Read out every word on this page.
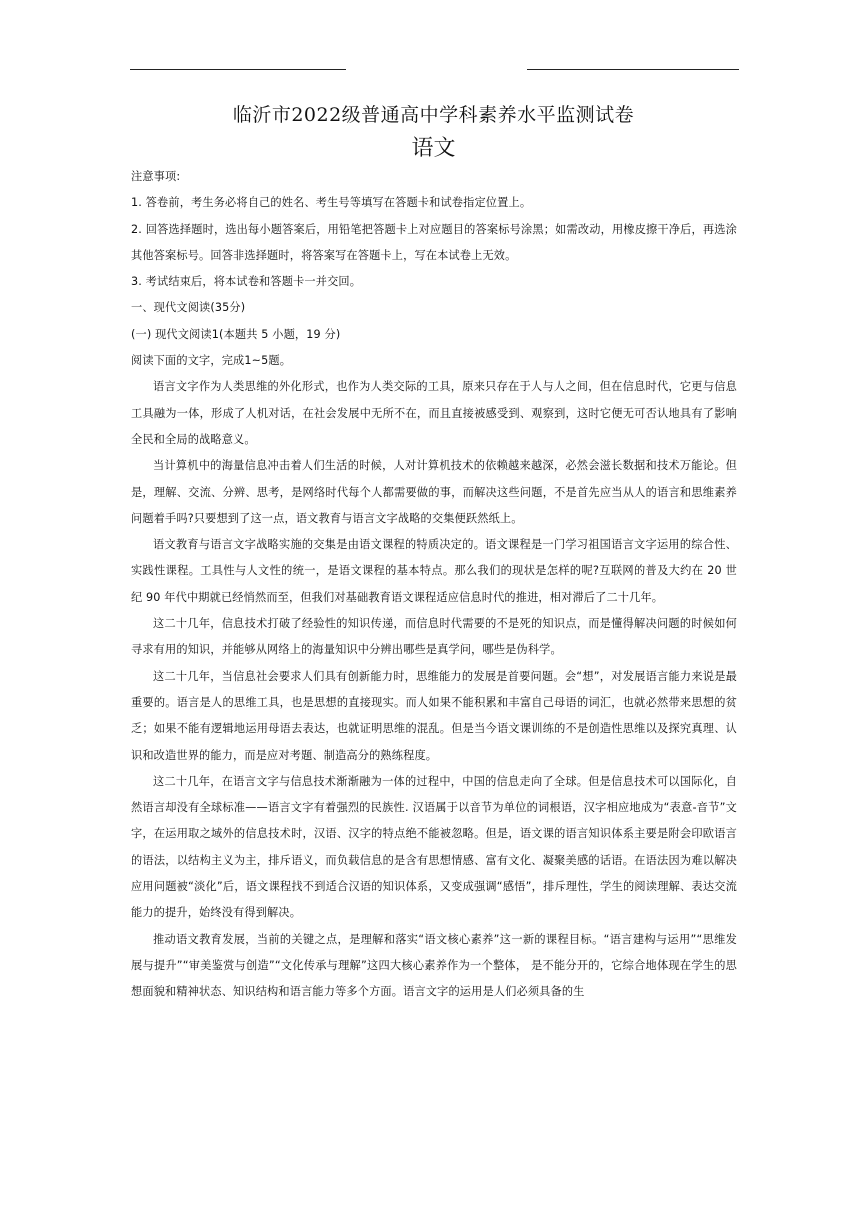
临沂市2022级普通高中学科素养水平监测试卷
语文

注意事项:

1. 答卷前，考生务必将自己的姓名、考生号等填写在答题卡和试卷指定位置上。

2. 回答选择题时，选出每小题答案后，用铅笔把答题卡上对应题目的答案标号涂黑；如需改动，用橡皮擦干净后，再选涂其他答案标号。回答非选择题时，将答案写在答题卡上，写在本试卷上无效。

3. 考试结束后，将本试卷和答题卡一并交回。

一、现代文阅读(35分)

(一) 现代文阅读1(本题共 5 小题，19 分)

阅读下面的文字，完成1~5题。

语言文字作为人类思维的外化形式，也作为人类交际的工具，原来只存在于人与人之间，但在信息时代，它更与信息工具融为一体，形成了人机对话，在社会发展中无所不在，而且直接被感受到、观察到，这时它便无可否认地具有了影响全民和全局的战略意义。

当计算机中的海量信息冲击着人们生活的时候，人对计算机技术的依赖越来越深，必然会滋长数据和技术万能论。但是，理解、交流、分辨、思考，是网络时代每个人都需要做的事，而解决这些问题，不是首先应当从人的语言和思维素养问题着手吗?只要想到了这一点，语文教育与语言文字战略的交集便跃然纸上。

语文教育与语言文字战略实施的交集是由语文课程的特质决定的。语文课程是一门学习祖国语言文字运用的综合性、实践性课程。工具性与人文性的统一，是语文课程的基本特点。那么我们的现状是怎样的呢?互联网的普及大约在 20 世纪 90 年代中期就已经悄然而至，但我们对基础教育语文课程适应信息时代的推进，相对滞后了二十几年。

这二十几年，信息技术打破了经验性的知识传递，而信息时代需要的不是死的知识点，而是懂得解决问题的时候如何寻求有用的知识，并能够从网络上的海量知识中分辨出哪些是真学问，哪些是伪科学。

这二十几年，当信息社会要求人们具有创新能力时，思维能力的发展是首要问题。会“想”，对发展语言能力来说是最重要的。语言是人的思维工具，也是思想的直接现实。而人如果不能积累和丰富自己母语的词汇，也就必然带来思想的贫乏；如果不能有逻辑地运用母语去表达，也就证明思维的混乱。但是当今语文课训练的不是创造性思维以及探究真理、认识和改造世界的能力，而是应对考题、制造高分的熟练程度。

这二十几年，在语言文字与信息技术渐渐融为一体的过程中，中国的信息走向了全球。但是信息技术可以国际化，自然语言却没有全球标准——语言文字有着强烈的民族性. 汉语属于以音节为单位的词根语，汉字相应地成为“表意-音节”文字，在运用取之域外的信息技术时，汉语、汉字的特点绝不能被忽略。但是，语文课的语言知识体系主要是附会印欧语言的语法，以结构主义为主，排斥语义，而负载信息的是含有思想情感、富有文化、凝聚美感的话语。在语法因为难以解决应用问题被“淡化”后，语文课程找不到适合汉语的知识体系，又变成强调“感悟”，排斥理性，学生的阅读理解、表达交流能力的提升，始终没有得到解决。

推动语文教育发展，当前的关键之点，是理解和落实“语文核心素养”这一新的课程目标。“语言建构与运用”“思维发展与提升”“审美鉴赏与创造”“文化传承与理解”这四大核心素养作为一个整体， 是不能分开的，它综合地体现在学生的思想面貌和精神状态、知识结构和语言能力等多个方面。语言文字的运用是人们必须具备的生
